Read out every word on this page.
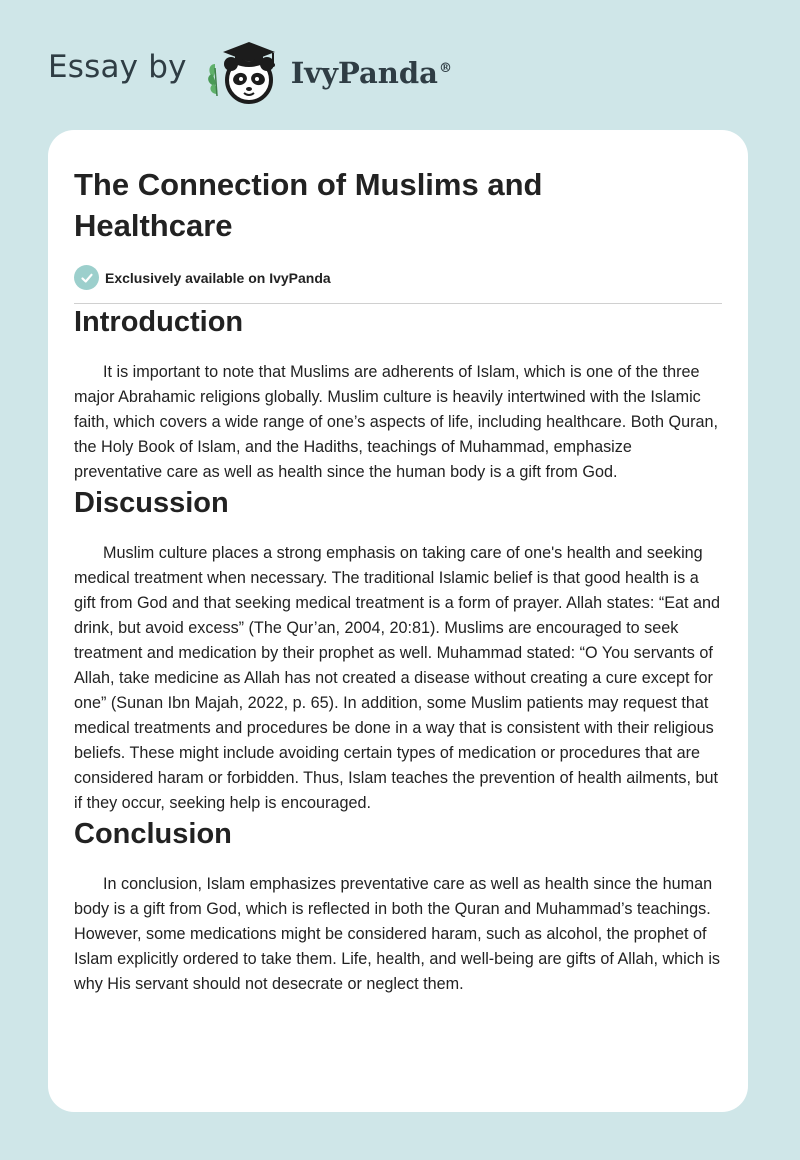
Essay by	IvyPanda®
The Connection of Muslims and Healthcare
Exclusively available on IvyPanda
Introduction

It is important to note that Muslims are adherents of Islam, which is one of the three major Abrahamic religions globally. Muslim culture is heavily intertwined with the Islamic faith, which covers a wide range of one’s aspects of life, including healthcare. Both Quran, the Holy Book of Islam, and the Hadiths, teachings of Muhammad, emphasize preventative care as well as health since the human body is a gift from God.

Discussion

Muslim culture places a strong emphasis on taking care of one's health and seeking medical treatment when necessary. The traditional Islamic belief is that good health is a gift from God and that seeking medical treatment is a form of prayer. Allah states: “Eat and drink, but avoid excess” (The Qur’an, 2004, 20:81). Muslims are encouraged to seek treatment and medication by their prophet as well. Muhammad stated: “O You servants of Allah, take medicine as Allah has not created a disease without creating a cure except for one” (Sunan Ibn Majah, 2022, p. 65). In addition, some Muslim patients may request that medical treatments and procedures be done in a way that is consistent with their religious beliefs. These might include avoiding certain types of medication or procedures that are considered haram or forbidden. Thus, Islam teaches the prevention of health ailments, but if they occur, seeking help is encouraged.

Conclusion

In conclusion, Islam emphasizes preventative care as well as health since the human body is a gift from God, which is reflected in both the Quran and Muhammad’s teachings. However, some medications might be considered haram, such as alcohol, the prophet of Islam explicitly ordered to take them. Life, health, and well-being are gifts of Allah, which is why His servant should not desecrate or neglect them.
